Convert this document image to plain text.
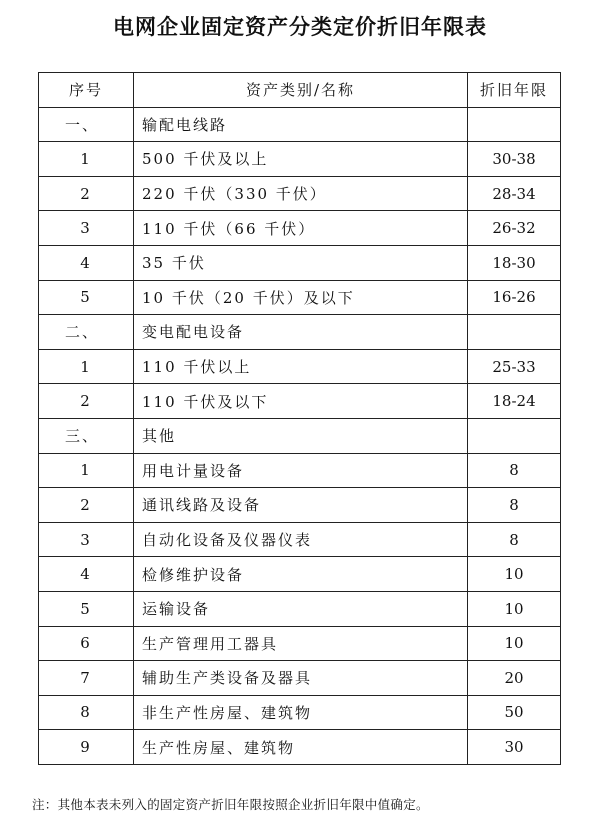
电网企业固定资产分类定价折旧年限表
序号	资产类别/名称	折旧年限
一、	输配电线路	
1	500 千伏及以上	30-38
2	220 千伏（330 千伏）	28-34
3	110 千伏（66 千伏）	26-32
4	35 千伏	18-30
5	10 千伏（20 千伏）及以下	16-26
二、	变电配电设备	
1	110 千伏以上	25-33
2	110 千伏及以下	18-24
三、	其他	
1	用电计量设备	8
2	通讯线路及设备	8
3	自动化设备及仪器仪表	8
4	检修维护设备	10
5	运输设备	10
6	生产管理用工器具	10
7	辅助生产类设备及器具	20
8	非生产性房屋、建筑物	50
9	生产性房屋、建筑物	30
注：其他本表未列入的固定资产折旧年限按照企业折旧年限中值确定。
